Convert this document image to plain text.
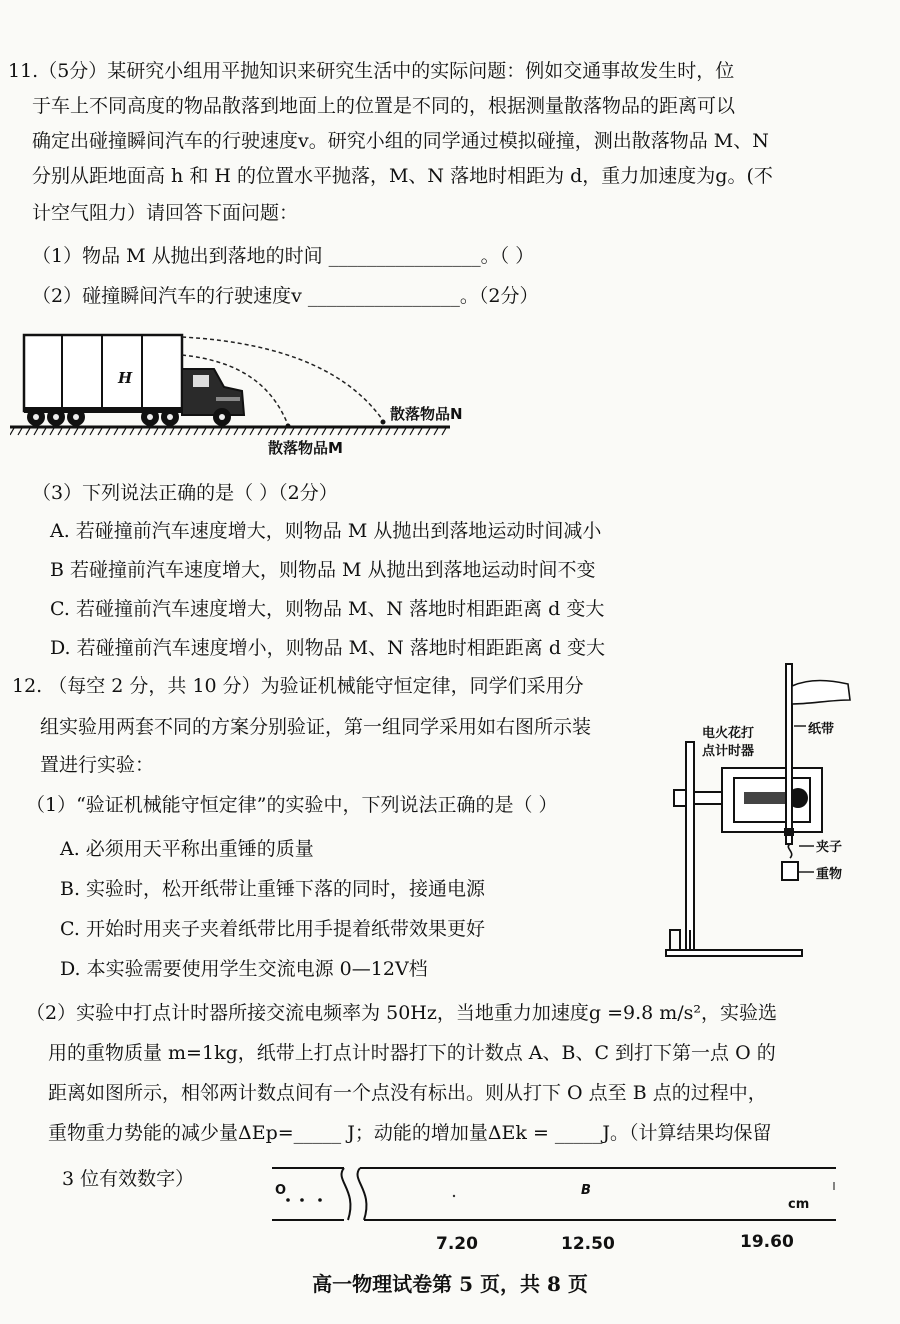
11.（5分）某研究小组用平抛知识来研究生活中的实际问题：例如交通事故发生时，位
于车上不同高度的物品散落到地面上的位置是不同的，根据测量散落物品的距离可以
确定出碰撞瞬间汽车的行驶速度v。研究小组的同学通过模拟碰撞，测出散落物品 M、N
分别从距地面高 h 和 H 的位置水平抛落，M、N 落地时相距为 d，重力加速度为g。(不
计空气阻力）请回答下面问题：
（1）物品 M 从抛出到落地的时间 ________________。（ ）
（2）碰撞瞬间汽车的行驶速度v ________________。（2分）
H
散落物品N
散落物品M
（3）下列说法正确的是（ ）（2分）
A. 若碰撞前汽车速度增大，则物品 M 从抛出到落地运动时间减小
B 若碰撞前汽车速度增大，则物品 M 从抛出到落地运动时间不变
C. 若碰撞前汽车速度增大，则物品 M、N 落地时相距距离 d 变大
D. 若碰撞前汽车速度增小，则物品 M、N 落地时相距距离 d 变大
12. （每空 2 分，共 10 分）为验证机械能守恒定律，同学们采用分
组实验用两套不同的方案分别验证，第一组同学采用如右图所示装
置进行实验：
（1）“验证机械能守恒定律”的实验中，下列说法正确的是（ ）
A. 必须用天平称出重锤的质量
B. 实验时，松开纸带让重锤下落的同时，接通电源
C. 开始时用夹子夹着纸带比用手提着纸带效果更好
D. 本实验需要使用学生交流电源 0—12V档
电火花打
点计时器
纸带
夹子
重物
（2）实验中打点计时器所接交流电频率为 50Hz，当地重力加速度g =9.8 m/s²，实验选
用的重物质量 m=1kg，纸带上打点计时器打下的计数点 A、B、C 到打下第一点 O 的
距离如图所示，相邻两计数点间有一个点没有标出。则从打下 O 点至 B 点的过程中，
重物重力势能的减少量ΔEp=_____ J；动能的增加量ΔEk = _____J。（计算结果均保留
3 位有效数字）
O	B
cm
7.20	12.50	19.60
高一物理试卷第 5 页，共 8 页
